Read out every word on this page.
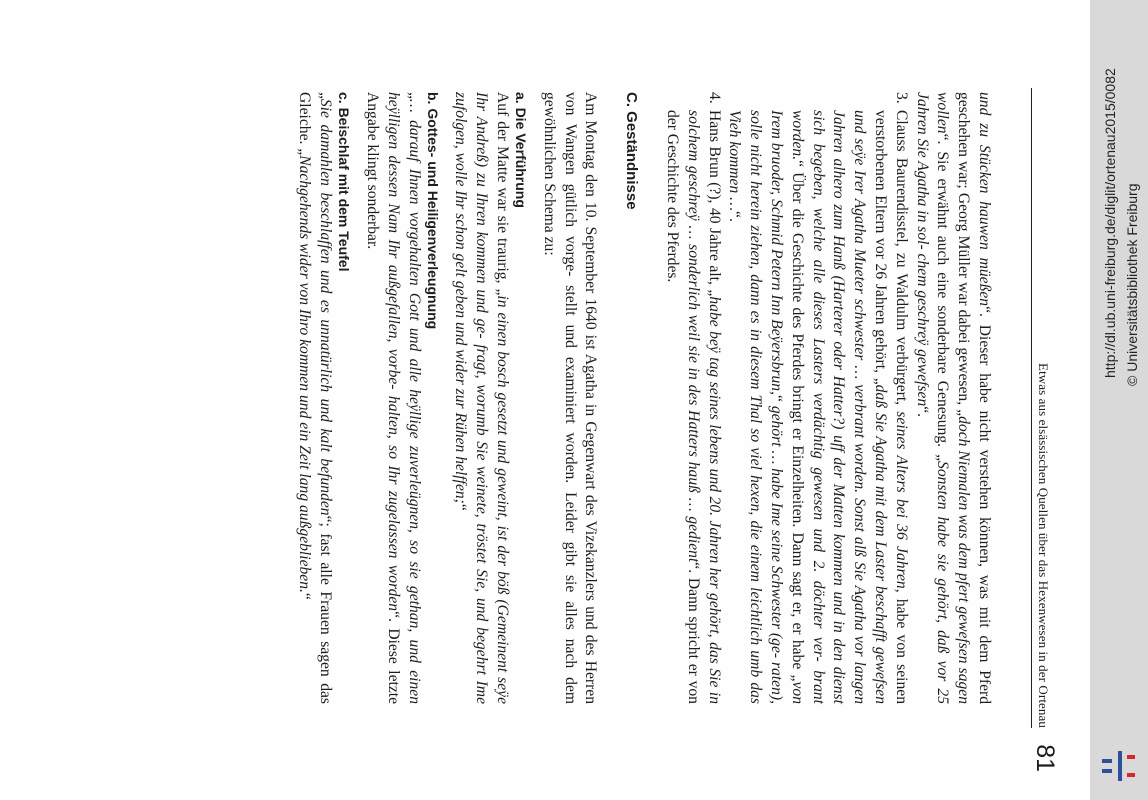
Etwas aus elsässischen Quellen über das Hexenwesen in der Ortenau
81

und zu Stücken hauwen müeßen“. Dieser habe nicht verstehen können, was mit dem Pferd geschehen war; Georg Müller war dabei gewesen, „doch Niemalen was dem pfert gewefsen sagen wollen“. Sie erwähnt auch eine sonderbare Genesung. „Sonsten habe sie gehört, daß vor 25 Jahren Sie Agatha in sol- chem geschreÿ gewefsen“.

3.
Clauss Baurendisstel, zu Waldulm verbürgert, seines Alters bei 36 Jahren, habe von seinen verstorbenen Eltern vor 26 Jahren gehört, „daß Sie Agatha mit dem Laster beschafft gewefsen und seÿe Irer Agatha Mueter schwester … verbrant worden. Sonst alß Sie Agatha vor langen Jahren alhero zum Hanß (Harterer oder Hatter?) uff der Matten kommen und in den dienst sich begeben, welche alle dieses Lasters verdächtig gewesen und 2. döchter ver- brant worden.“ Über die Geschichte des Pferdes bringt er Einzelheiten. Dann sagt er, er habe „von Irem bruoder, Schmid Petern Inn Beÿersbrun,“ gehört … habe Ime seine Schwester (ge- raten), solle nicht herein ziehen, dann es in diesem Thal so viel hexen, die einem leichtlich umb das Vieh kommen …“.
4.
Hans Brun (?), 40 Jahre alt, „habe beÿ tag seines lebens und 20. Jahren her gehört, das Sie in solchem geschreÿ … sonderlich weil sie in des Hatters hauß … gedient“. Dann spricht er von der Geschichte des Pferdes.
C. Geständnisse

Am Montag den 10. September 1640 ist Agatha in Gegenwart des Vizekanzlers und des Herren von Wangen gütlich vorge- stellt und examiniert worden. Leider gibt sie alles nach dem gewöhnlichen Schema zu:

a. Die Verführung

Auf der Matte war sie traurig, „in einen bosch gesetzt und geweint, ist der böß (Gemeinent seÿe Ihr Andreß) zu Ihren kommen und ge- fragt, worumb Sie weinete, tröstet Sie, und begehrt Ime zufolgen, wolle Ihr schon gelt geben und wider zur Rühen helffen;“

b. Gottes- und Heiligenverleugnung

„… darauf Ihnen vorgehalten Gott und alle heÿllige zuverleügnen, so sie gethan, und einen heÿlligen dessen Nam Ihr außgefallen, vorbe- halten, so Ihr zugelassen worden“. Diese letzte Angabe klingt sonderbar.

c. Beischlaf mit dem Teufel

„Sie damahlen beschlaffen und es unnatürlich und kalt befunden“; fast alle Frauen sagen das Gleiche. „Nachgehends wider von Ihro kommen und ein Zeit lang außgeblieben.“

http://dl.ub.uni-freiburg.de/diglit/ortenau2015/0082 © Universitätsbibliothek Freiburg
